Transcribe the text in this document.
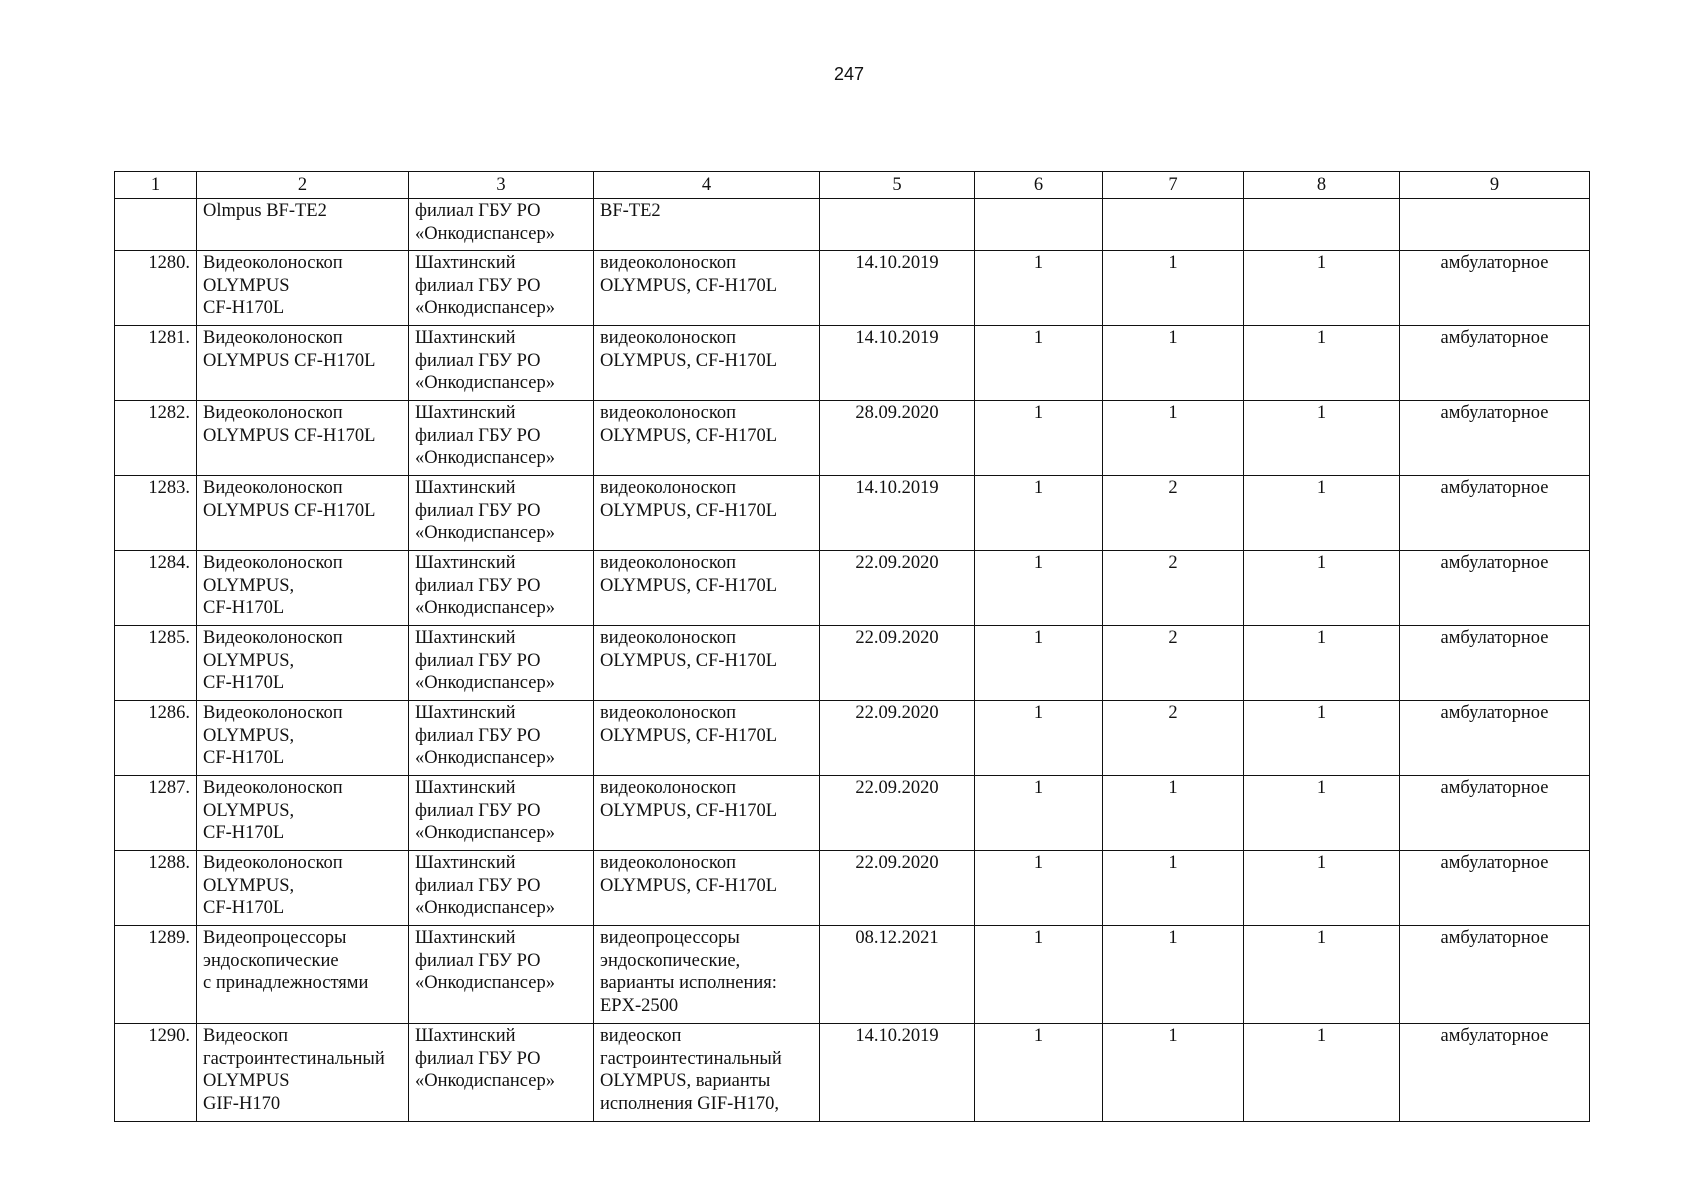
247
1	2	3	4	5	6	7	8	9

	Olmpus BF-TE2	филиал ГБУ РО
«Онкодиспансер»	BF-TE2					

1280.	Видеоколоноскоп
OLYMPUS
CF-H170L	Шахтинский
филиал ГБУ РО
«Онкодиспансер»	видеоколоноскоп
OLYMPUS, CF-H170L	14.10.2019	1	1	1	амбулаторное

1281.	Видеоколоноскоп
OLYMPUS CF-H170L	Шахтинский
филиал ГБУ РО
«Онкодиспансер»	видеоколоноскоп
OLYMPUS, CF-H170L	14.10.2019	1	1	1	амбулаторное

1282.	Видеоколоноскоп
OLYMPUS CF-H170L	Шахтинский
филиал ГБУ РО
«Онкодиспансер»	видеоколоноскоп
OLYMPUS, CF-H170L	28.09.2020	1	1	1	амбулаторное

1283.	Видеоколоноскоп
OLYMPUS CF-H170L	Шахтинский
филиал ГБУ РО
«Онкодиспансер»	видеоколоноскоп
OLYMPUS, CF-H170L	14.10.2019	1	2	1	амбулаторное

1284.	Видеоколоноскоп
OLYMPUS,
CF-H170L	Шахтинский
филиал ГБУ РО
«Онкодиспансер»	видеоколоноскоп
OLYMPUS, CF-H170L	22.09.2020	1	2	1	амбулаторное

1285.	Видеоколоноскоп
OLYMPUS,
CF-H170L	Шахтинский
филиал ГБУ РО
«Онкодиспансер»	видеоколоноскоп
OLYMPUS, CF-H170L	22.09.2020	1	2	1	амбулаторное

1286.	Видеоколоноскоп
OLYMPUS,
CF-H170L	Шахтинский
филиал ГБУ РО
«Онкодиспансер»	видеоколоноскоп
OLYMPUS, CF-H170L	22.09.2020	1	2	1	амбулаторное

1287.	Видеоколоноскоп
OLYMPUS,
CF-H170L	Шахтинский
филиал ГБУ РО
«Онкодиспансер»	видеоколоноскоп
OLYMPUS, CF-H170L	22.09.2020	1	1	1	амбулаторное

1288.	Видеоколоноскоп
OLYMPUS,
CF-H170L	Шахтинский
филиал ГБУ РО
«Онкодиспансер»	видеоколоноскоп
OLYMPUS, CF-H170L	22.09.2020	1	1	1	амбулаторное

1289.	Видеопроцессоры
эндоскопические
с принадлежностями	Шахтинский
филиал ГБУ РО
«Онкодиспансер»	видеопроцессоры
эндоскопические,
варианты исполнения:
EPX-2500	08.12.2021	1	1	1	амбулаторное

1290.	Видеоскоп
гастроинтестинальный
OLYMPUS
GIF-H170	Шахтинский
филиал ГБУ РО
«Онкодиспансер»	видеоскоп
гастроинтестинальный
OLYMPUS, варианты
исполнения GIF-H170,	14.10.2019	1	1	1	амбулаторное
